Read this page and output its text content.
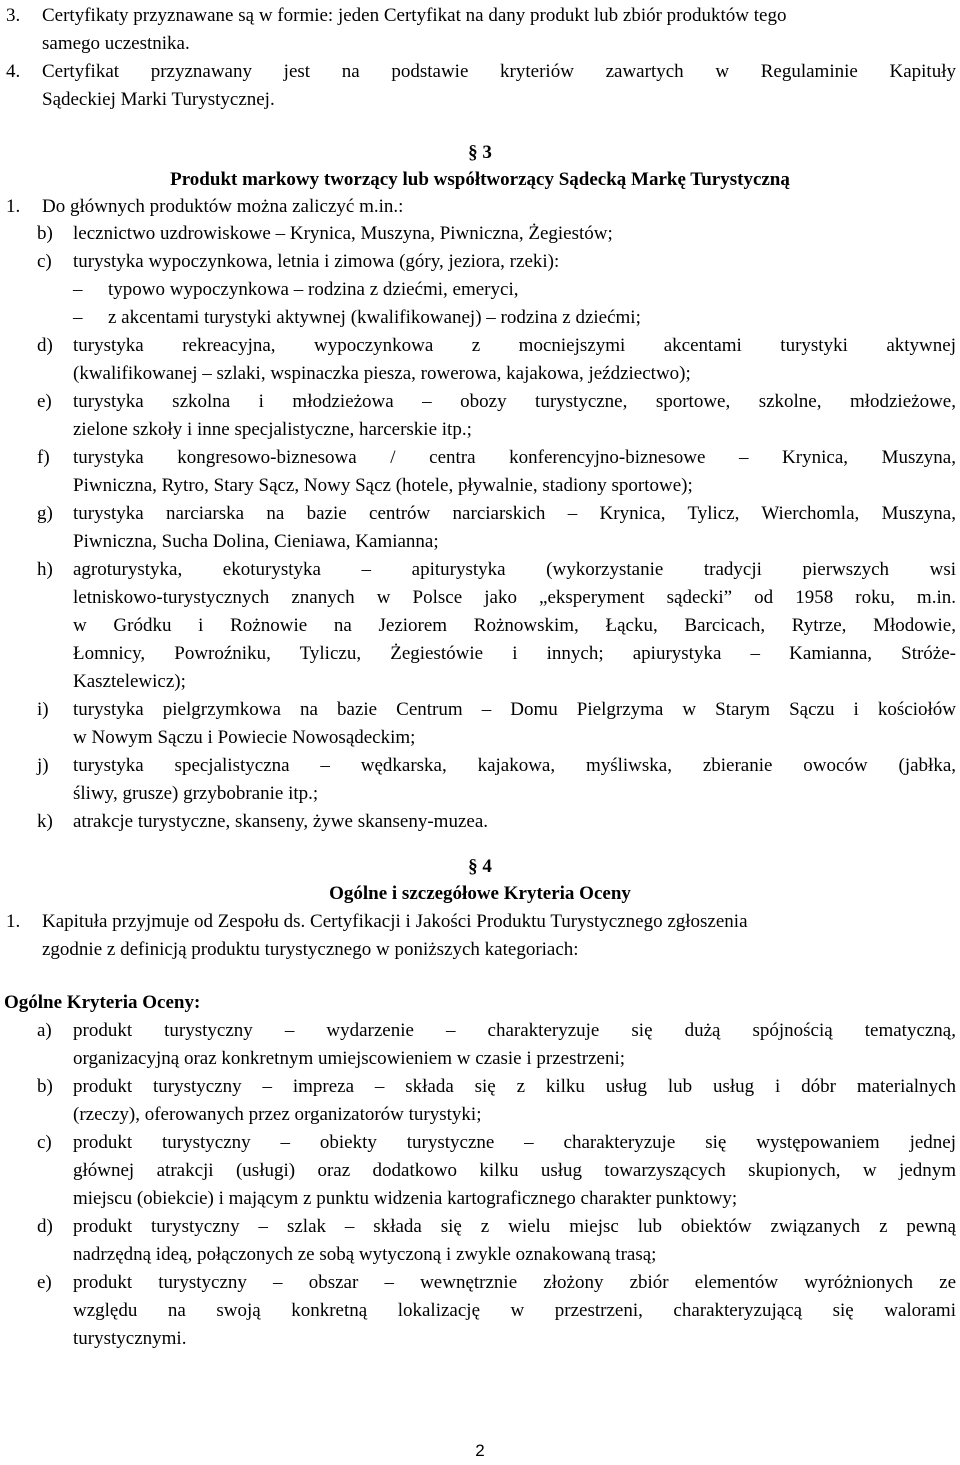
3. Certyfikaty przyznawane są w formie: jeden Certyfikat na dany produkt lub zbiór produktów tego
samego uczestnika.
4. Certyfikat przyznawany jest na podstawie kryteriów zawartych w Regulaminie Kapituły
Sądeckiej Marki Turystycznej.
§ 3
Produkt markowy tworzący lub współtworzący Sądecką Markę Turystyczną
1. Do głównych produktów można zaliczyć m.in.:
b) lecznictwo uzdrowiskowe – Krynica, Muszyna, Piwniczna, Żegiestów;
c) turystyka wypoczynkowa, letnia i zimowa (góry, jeziora, rzeki):
– typowo wypoczynkowa – rodzina z dziećmi, emeryci,
– z akcentami turystyki aktywnej (kwalifikowanej) – rodzina z dziećmi;
d) turystyka rekreacyjna, wypoczynkowa z mocniejszymi akcentami turystyki aktywnej
(kwalifikowanej – szlaki, wspinaczka piesza, rowerowa, kajakowa, jeździectwo);
e) turystyka szkolna i młodzieżowa – obozy turystyczne, sportowe, szkolne, młodzieżowe,
zielone szkoły i inne specjalistyczne, harcerskie itp.;
f) turystyka kongresowo-biznesowa / centra konferencyjno-biznesowe – Krynica, Muszyna,
Piwniczna, Rytro, Stary Sącz, Nowy Sącz (hotele, pływalnie, stadiony sportowe);
g) turystyka narciarska na bazie centrów narciarskich – Krynica, Tylicz, Wierchomla, Muszyna,
Piwniczna, Sucha Dolina, Cieniawa, Kamianna;
h) agroturystyka, ekoturystyka – apiturystyka (wykorzystanie tradycji pierwszych wsi
letniskowo-turystycznych znanych w Polsce jako „eksperyment sądecki” od 1958 roku, m.in.
w Gródku i Rożnowie na Jeziorem Rożnowskim, Łącku, Barcicach, Rytrze, Młodowie,
Łomnicy, Powroźniku, Tyliczu, Żegiestówie i innych; apiurystyka – Kamianna, Stróże-
Kasztelewicz);
i) turystyka pielgrzymkowa na bazie Centrum – Domu Pielgrzyma w Starym Sączu i kościołów
w Nowym Sączu i Powiecie Nowosądeckim;
j) turystyka specjalistyczna – wędkarska, kajakowa, myśliwska, zbieranie owoców (jabłka,
śliwy, grusze) grzybobranie itp.;
k) atrakcje turystyczne, skanseny, żywe skanseny-muzea.
§ 4
Ogólne i szczegółowe Kryteria Oceny
1. Kapituła przyjmuje od Zespołu ds. Certyfikacji i Jakości Produktu Turystycznego zgłoszenia
zgodnie z definicją produktu turystycznego w poniższych kategoriach:
Ogólne Kryteria Oceny:
a) produkt turystyczny – wydarzenie – charakteryzuje się dużą spójnością tematyczną,
organizacyjną oraz konkretnym umiejscowieniem w czasie i przestrzeni;
b) produkt turystyczny – impreza – składa się z kilku usług lub usług i dóbr materialnych
(rzeczy), oferowanych przez organizatorów turystyki;
c) produkt turystyczny – obiekty turystyczne – charakteryzuje się występowaniem jednej
głównej atrakcji (usługi) oraz dodatkowo kilku usług towarzyszących skupionych, w jednym
miejscu (obiekcie) i mającym z punktu widzenia kartograficznego charakter punktowy;
d) produkt turystyczny – szlak – składa się z wielu miejsc lub obiektów związanych z pewną
nadrzędną ideą, połączonych ze sobą wytyczoną i zwykle oznakowaną trasą;
e) produkt turystyczny – obszar – wewnętrznie złożony zbiór elementów wyróżnionych ze
względu na swoją konkretną lokalizację w przestrzeni, charakteryzującą się walorami
turystycznymi.
2
